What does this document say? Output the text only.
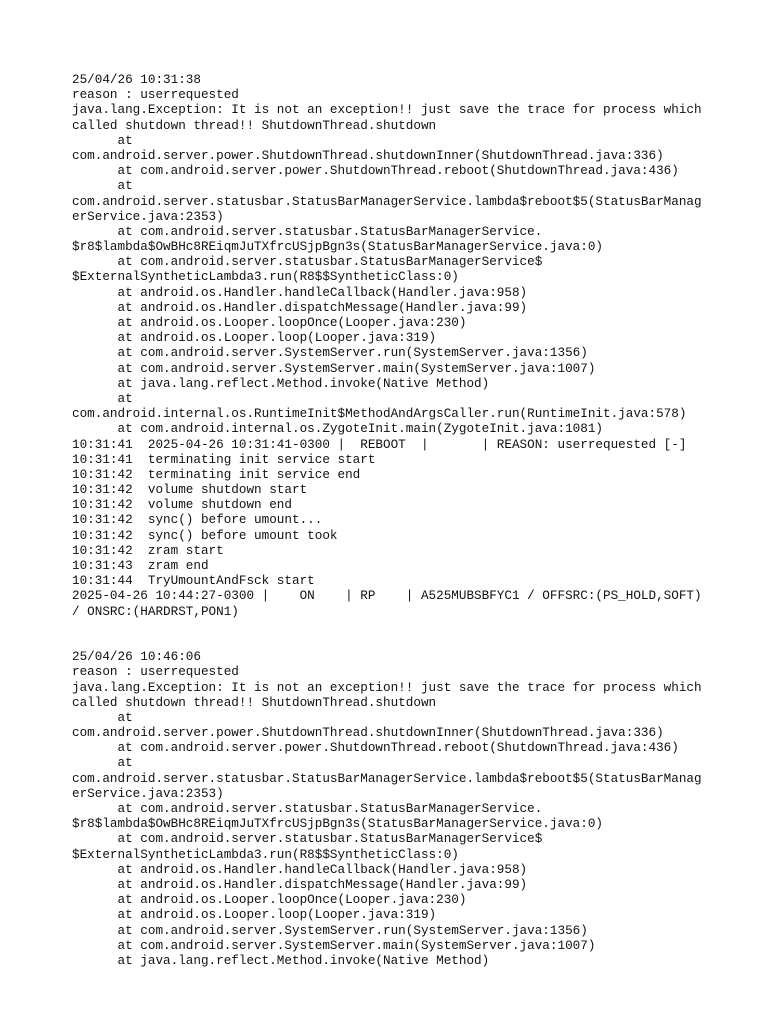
25/04/26 10:31:38
reason : userrequested
java.lang.Exception: It is not an exception!! just save the trace for process which
called shutdown thread!! ShutdownThread.shutdown
at
com.android.server.power.ShutdownThread.shutdownInner(ShutdownThread.java:336)
at com.android.server.power.ShutdownThread.reboot(ShutdownThread.java:436)
at
com.android.server.statusbar.StatusBarManagerService.lambda$reboot$5(StatusBarManag
erService.java:2353)
at com.android.server.statusbar.StatusBarManagerService.
$r8$lambda$OwBHc8REiqmJuTXfrcUSjpBgn3s(StatusBarManagerService.java:0)
at com.android.server.statusbar.StatusBarManagerService$
$ExternalSyntheticLambda3.run(R8$$SyntheticClass:0)
at android.os.Handler.handleCallback(Handler.java:958)
at android.os.Handler.dispatchMessage(Handler.java:99)
at android.os.Looper.loopOnce(Looper.java:230)
at android.os.Looper.loop(Looper.java:319)
at com.android.server.SystemServer.run(SystemServer.java:1356)
at com.android.server.SystemServer.main(SystemServer.java:1007)
at java.lang.reflect.Method.invoke(Native Method)
at
com.android.internal.os.RuntimeInit$MethodAndArgsCaller.run(RuntimeInit.java:578)
at com.android.internal.os.ZygoteInit.main(ZygoteInit.java:1081)
10:31:41  2025-04-26 10:31:41-0300 |  REBOOT  |       | REASON: userrequested [-]
10:31:41  terminating init service start
10:31:42  terminating init service end
10:31:42  volume shutdown start
10:31:42  volume shutdown end
10:31:42  sync() before umount...
10:31:42  sync() before umount took
10:31:42  zram start
10:31:43  zram end
10:31:44  TryUmountAndFsck start
2025-04-26 10:44:27-0300 |    ON    | RP    | A525MUBSBFYC1 / OFFSRC:(PS_HOLD,SOFT)
/ ONSRC:(HARDRST,PON1)
25/04/26 10:46:06
reason : userrequested
java.lang.Exception: It is not an exception!! just save the trace for process which
called shutdown thread!! ShutdownThread.shutdown
at
com.android.server.power.ShutdownThread.shutdownInner(ShutdownThread.java:336)
at com.android.server.power.ShutdownThread.reboot(ShutdownThread.java:436)
at
com.android.server.statusbar.StatusBarManagerService.lambda$reboot$5(StatusBarManag
erService.java:2353)
at com.android.server.statusbar.StatusBarManagerService.
$r8$lambda$OwBHc8REiqmJuTXfrcUSjpBgn3s(StatusBarManagerService.java:0)
at com.android.server.statusbar.StatusBarManagerService$
$ExternalSyntheticLambda3.run(R8$$SyntheticClass:0)
at android.os.Handler.handleCallback(Handler.java:958)
at android.os.Handler.dispatchMessage(Handler.java:99)
at android.os.Looper.loopOnce(Looper.java:230)
at android.os.Looper.loop(Looper.java:319)
at com.android.server.SystemServer.run(SystemServer.java:1356)
at com.android.server.SystemServer.main(SystemServer.java:1007)
at java.lang.reflect.Method.invoke(Native Method)
